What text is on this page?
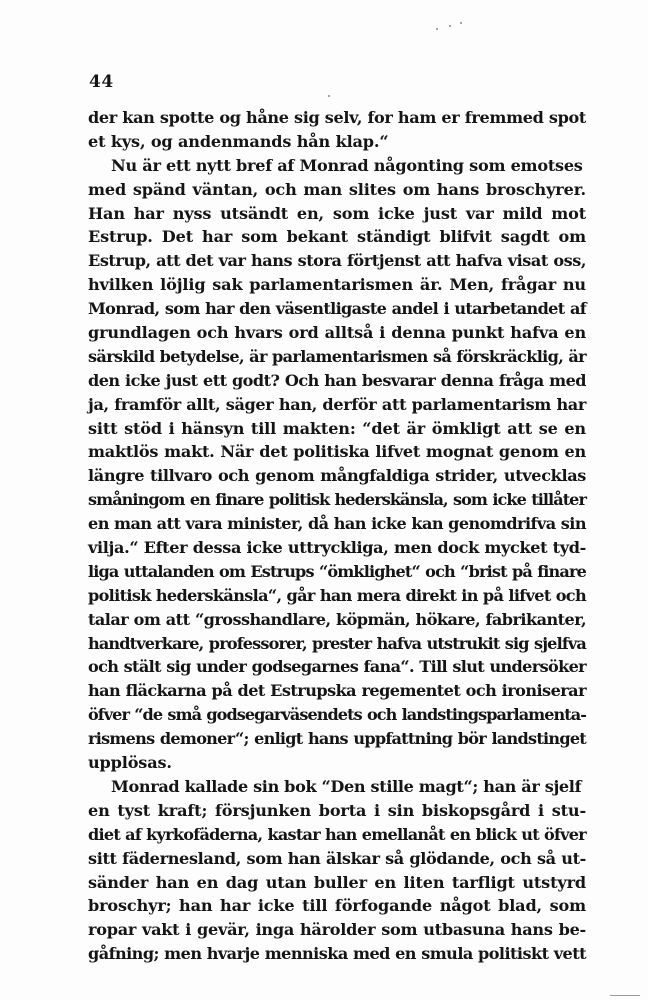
44
der kan spotte og håne sig selv, for ham er fremmed spot
et kys, og andenmands hån klap.“
Nu är ett nytt bref af Monrad någonting som emotses
med spänd väntan, och man slites om hans broschyrer.
Han har nyss utsändt en, som icke just var mild mot
Estrup. Det har som bekant ständigt blifvit sagdt om
Estrup, att det var hans stora förtjenst att hafva visat oss,
hvilken löjlig sak parlamentarismen är. Men, frågar nu
Monrad, som har den väsentligaste andel i utarbetandet af
grundlagen och hvars ord alltså i denna punkt hafva en
särskild betydelse, är parlamentarismen så förskräcklig, är
den icke just ett godt? Och han besvarar denna fråga med
ja, framför allt, säger han, derför att parlamentarism har
sitt stöd i hänsyn till makten: “det är ömkligt att se en
maktlös makt. När det politiska lifvet mognat genom en
längre tillvaro och genom mångfaldiga strider, utvecklas
småningom en finare politisk hederskänsla, som icke tillåter
en man att vara minister, då han icke kan genomdrifva sin
vilja.“ Efter dessa icke uttryckliga, men dock mycket tyd-
liga uttalanden om Estrups “ömklighet“ och “brist på finare
politisk hederskänsla“, går han mera direkt in på lifvet och
talar om att “grosshandlare, köpmän, hökare, fabrikanter,
handtverkare, professorer, prester hafva utstrukit sig sjelfva
och stält sig under godsegarnes fana“. Till slut undersöker
han fläckarna på det Estrupska regementet och ironiserar
öfver “de små godsegarväsendets och landstingsparlamenta-
rismens demoner“; enligt hans uppfattning bör landstinget
upplösas.
Monrad kallade sin bok “Den stille magt“; han är sjelf
en tyst kraft; försjunken borta i sin biskopsgård i stu-
diet af kyrkofäderna, kastar han emellanåt en blick ut öfver
sitt fädernesland, som han älskar så glödande, och så ut-
sänder han en dag utan buller en liten tarfligt utstyrd
broschyr; han har icke till förfogande något blad, som
ropar vakt i gevär, inga härolder som utbasuna hans be-
gåfning; men hvarje menniska med en smula politiskt vett
